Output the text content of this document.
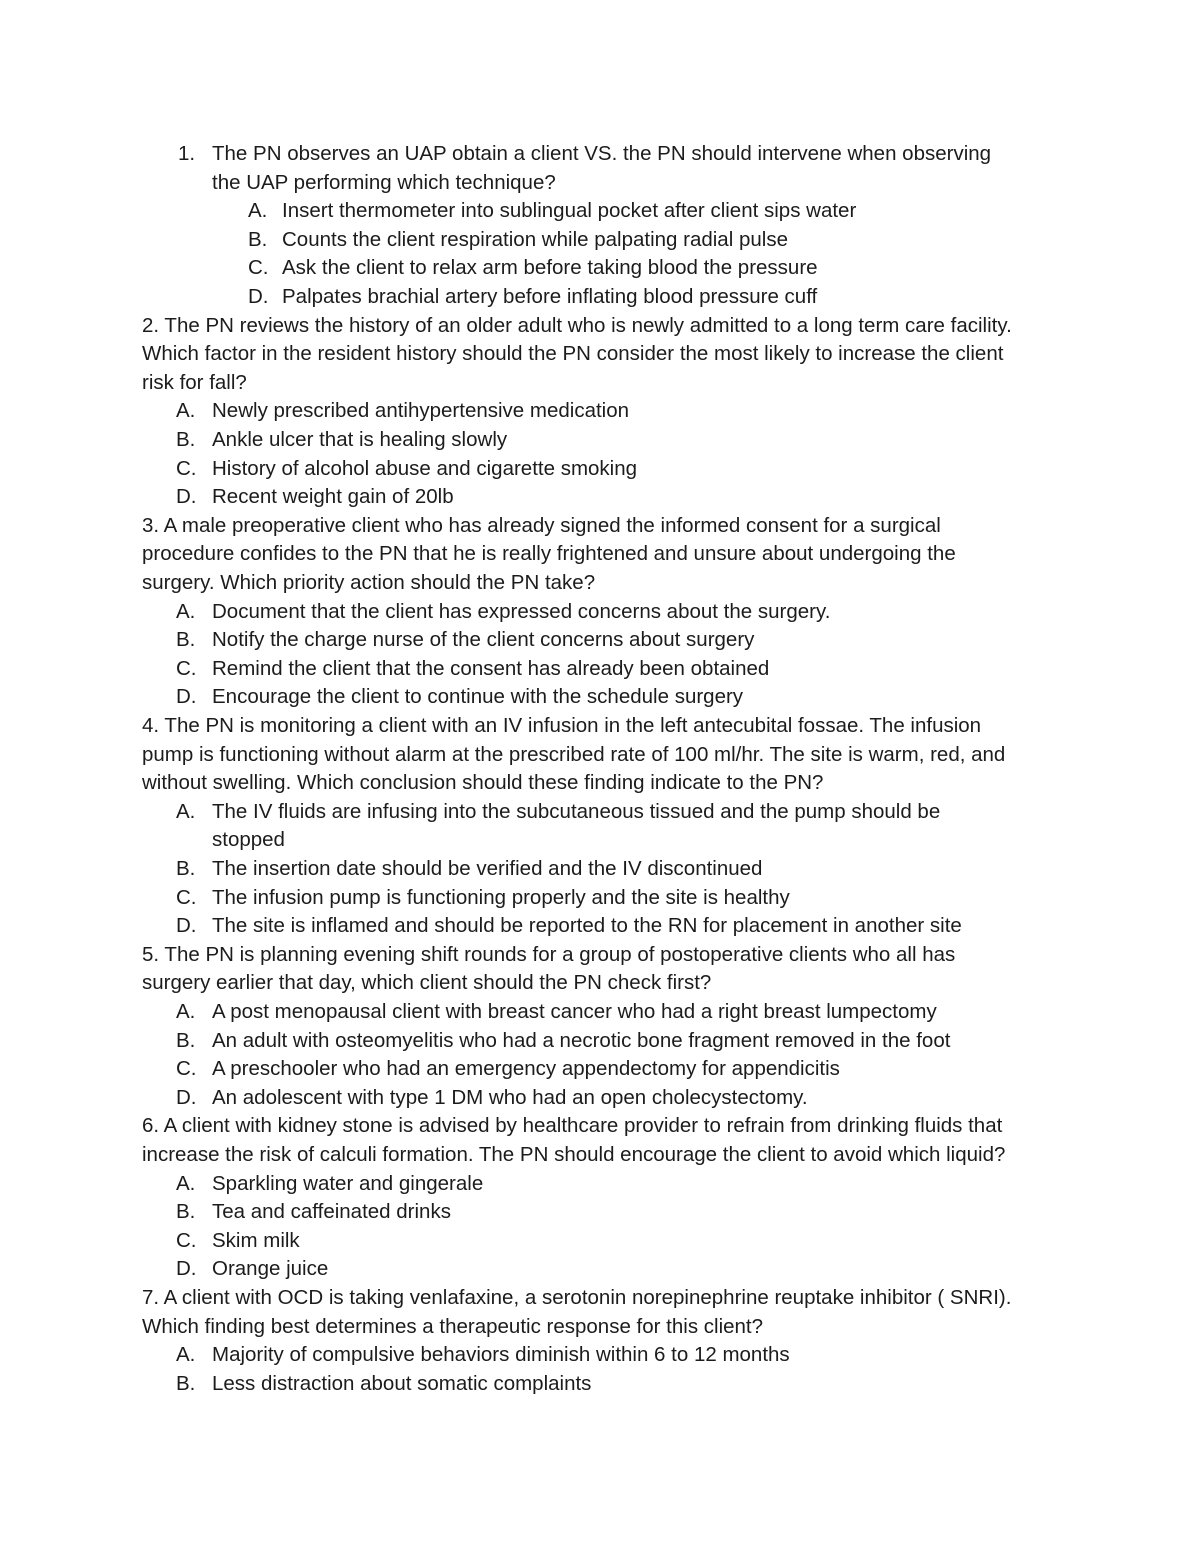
1. The PN observes an UAP obtain a client VS. the PN should intervene when observing
the UAP performing which technique?
A. Insert thermometer into sublingual pocket after client sips water
B. Counts the client respiration while palpating radial pulse
C. Ask the client to relax arm before taking blood the pressure
D. Palpates brachial artery before inflating blood pressure cuff
2. The PN reviews the history of an older adult who is newly admitted to a long term care facility.
Which factor in the resident history should the PN consider the most likely to increase the client
risk for fall?
A. Newly prescribed antihypertensive medication
B. Ankle ulcer that is healing slowly
C. History of alcohol abuse and cigarette smoking
D. Recent weight gain of 20lb
3. A male preoperative client who has already signed the informed consent for a surgical
procedure confides to the PN that he is really frightened and unsure about undergoing the
surgery. Which priority action should the PN take?
A. Document that the client has expressed concerns about the surgery.
B. Notify the charge nurse of the client concerns about surgery
C. Remind the client that the consent has already been obtained
D. Encourage the client to continue with the schedule surgery
4. The PN is monitoring a client with an IV infusion in the left antecubital fossae. The infusion
pump is functioning without alarm at the prescribed rate of 100 ml/hr. The site is warm, red, and
without swelling. Which conclusion should these finding indicate to the PN?
A. The IV fluids are infusing into the subcutaneous tissued and the pump should be
stopped
B. The insertion date should be verified and the IV discontinued
C. The infusion pump is functioning properly and the site is healthy
D. The site is inflamed and should be reported to the RN for placement in another site
5. The PN is planning evening shift rounds for a group of postoperative clients who all has
surgery earlier that day, which client should the PN check first?
A. A post menopausal client with breast cancer who had a right breast lumpectomy
B. An adult with osteomyelitis who had a necrotic bone fragment removed in the foot
C. A preschooler who had an emergency appendectomy for appendicitis
D. An adolescent with type 1 DM who had an open cholecystectomy.
6. A client with kidney stone is advised by healthcare provider to refrain from drinking fluids that
increase the risk of calculi formation. The PN should encourage the client to avoid which liquid?
A. Sparkling water and gingerale
B. Tea and caffeinated drinks
C. Skim milk
D. Orange juice
7. A client with OCD is taking venlafaxine, a serotonin norepinephrine reuptake inhibitor ( SNRI).
Which finding best determines a therapeutic response for this client?
A. Majority of compulsive behaviors diminish within 6 to 12 months
B. Less distraction about somatic complaints
